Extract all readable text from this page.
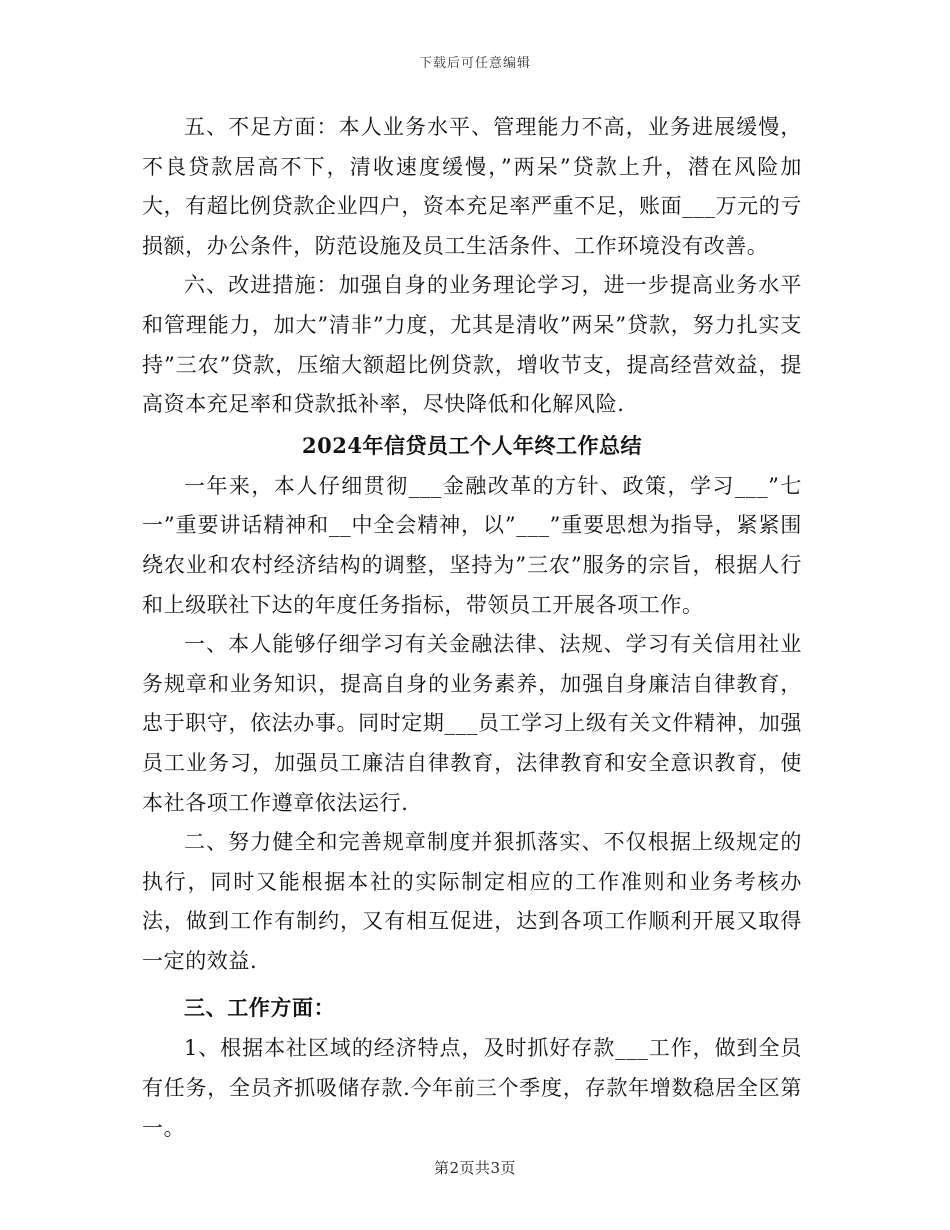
下载后可任意编辑

五、不足方面：本人业务水平、管理能力不高，业务进展缓慢，不良贷款居高不下，清收速度缓慢，”两呆”贷款上升，潜在风险加大，有超比例贷款企业四户，资本充足率严重不足，账面___万元的亏损额，办公条件，防范设施及员工生活条件、工作环境没有改善。

六、改进措施：加强自身的业务理论学习，进一步提高业务水平和管理能力，加大”清非”力度，尤其是清收”两呆”贷款，努力扎实支持”三农”贷款，压缩大额超比例贷款，增收节支，提高经营效益，提高资本充足率和贷款抵补率，尽快降低和化解风险.

2024年信贷员工个人年终工作总结

一年来，本人仔细贯彻___金融改革的方针、政策，学习___”七一”重要讲话精神和__中全会精神，以”___”重要思想为指导，紧紧围绕农业和农村经济结构的调整，坚持为”三农”服务的宗旨，根据人行和上级联社下达的年度任务指标，带领员工开展各项工作。

一、本人能够仔细学习有关金融法律、法规、学习有关信用社业务规章和业务知识，提高自身的业务素养，加强自身廉洁自律教育，忠于职守，依法办事。同时定期___员工学习上级有关文件精神，加强员工业务习，加强员工廉洁自律教育，法律教育和安全意识教育，使本社各项工作遵章依法运行.

二、努力健全和完善规章制度并狠抓落实、不仅根据上级规定的执行，同时又能根据本社的实际制定相应的工作准则和业务考核办法，做到工作有制约，又有相互促进，达到各项工作顺利开展又取得一定的效益.

三、工作方面：

1、根据本社区域的经济特点，及时抓好存款___工作，做到全员有任务，全员齐抓吸储存款.今年前三个季度，存款年增数稳居全区第一。

第2页共3页
